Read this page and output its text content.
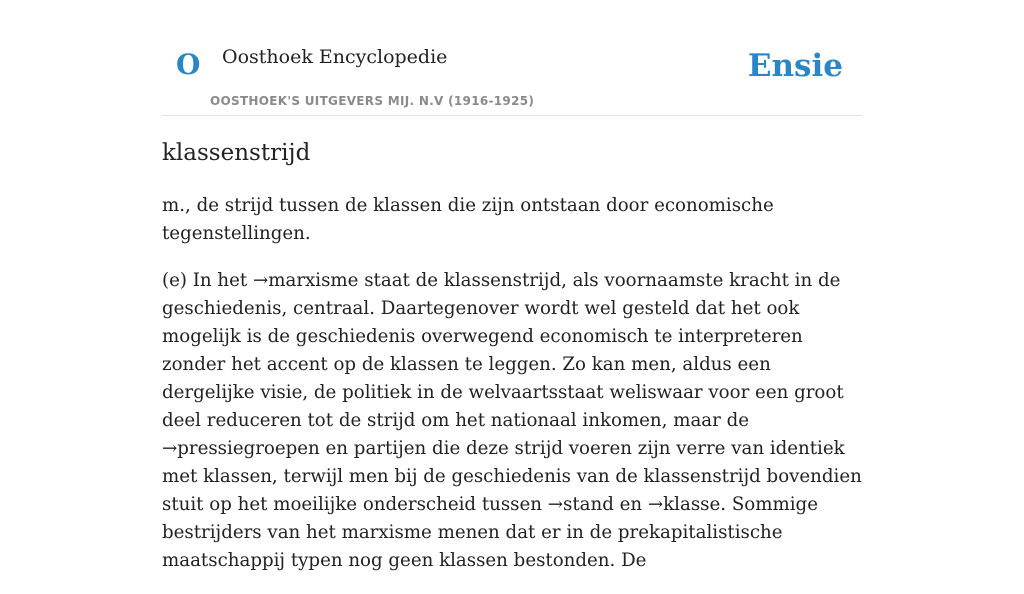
O Oosthoek Encyclopedie
OOSTHOEK'S UITGEVERS MIJ. N.V (1916-1925)
Ensie
klassenstrijd

m., de strijd tussen de klassen die zijn ontstaan door economische tegenstellingen.

(e) In het →marxisme staat de klassenstrijd, als voornaamste kracht in de geschiedenis, centraal. Daartegenover wordt wel gesteld dat het ook mogelijk is de geschiedenis overwegend economisch te interpreteren zonder het accent op de klassen te leggen. Zo kan men, aldus een dergelijke visie, de politiek in de welvaartsstaat weliswaar voor een groot deel reduceren tot de strijd om het nationaal inkomen, maar de →pressiegroepen en partijen die deze strijd voeren zijn verre van identiek met klassen, terwijl men bij de geschiedenis van de klassenstrijd bovendien stuit op het moeilijke onderscheid tussen →stand en →klasse. Sommige bestrijders van het marxisme menen dat er in de prekapitalistische maatschappij typen nog geen klassen bestonden. De
